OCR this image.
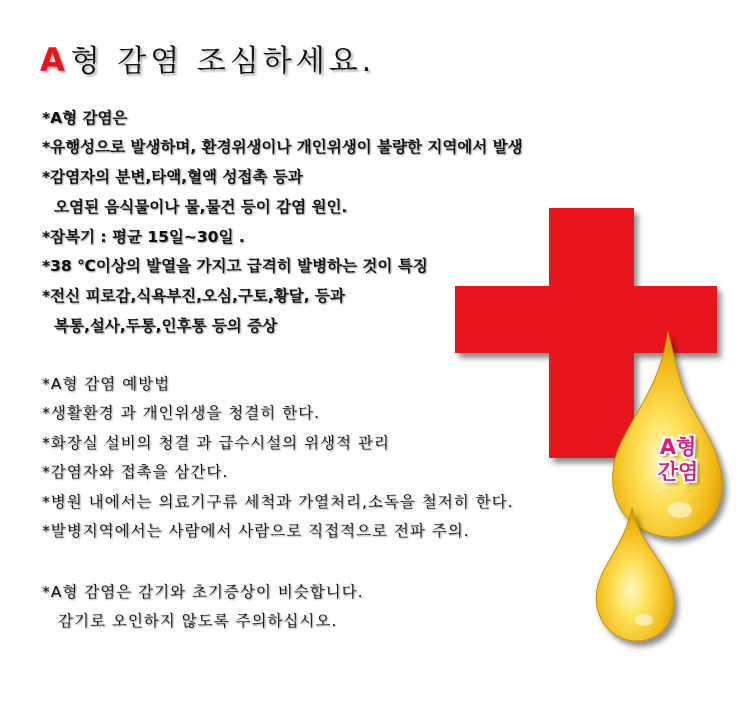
A 형 감염 조심하세요.
*A형 감염은
*유행성으로 발생하며, 환경위생이나 개인위생이 불량한 지역에서 발생
*감염자의 분변,타액,혈액 성접촉 등과
오염된 음식물이나 물,물건 등이 감염 원인.
*잠복기 : 평균 15일~30일 .
*38 ℃이상의 발열을 가지고 급격히 발병하는 것이 특징
*전신 피로감,식욕부진,오심,구토,황달, 등과
복통,설사,두통,인후통 등의 증상
*A형 감염 예방법
*생활환경 과 개인위생을 청결히 한다.
*화장실 설비의 청결 과 급수시설의 위생적 관리
*감염자와 접촉을 삼간다.
*병원 내에서는 의료기구류 세척과 가열처리,소독을 철저히 한다.
*발병지역에서는 사람에서 사람으로 직접적으로 전파 주의.
*A형 감염은 감기와 초기증상이 비슷합니다.
감기로 오인하지 않도록 주의하십시오.
A형
간염
